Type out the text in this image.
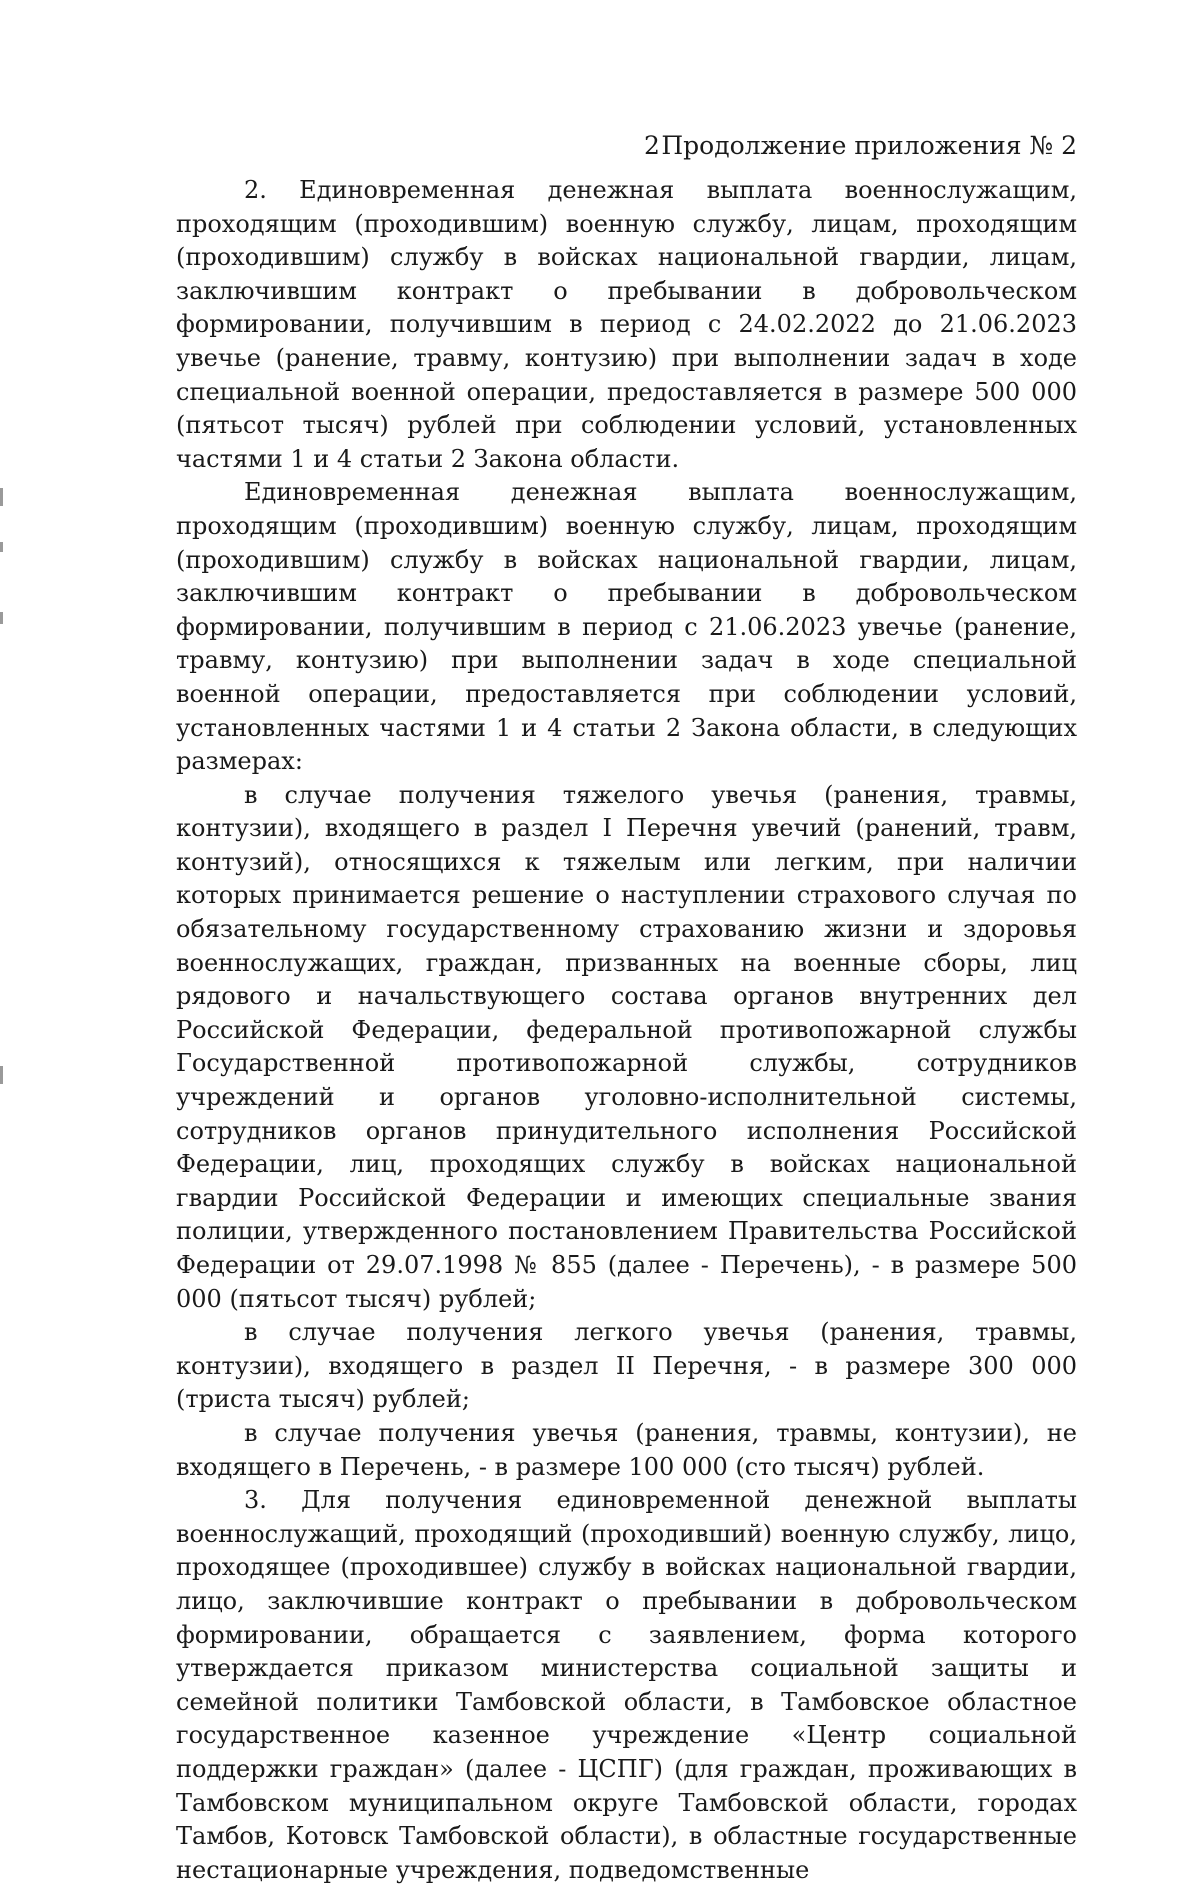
2 Продолжение приложения № 2

2. Единовременная денежная выплата военнослужащим, проходящим (проходившим) военную службу, лицам, проходящим (проходившим) службу в войсках национальной гвардии, лицам, заключившим контракт о пребывании в добровольческом формировании, получившим в период с 24.02.2022 до 21.06.2023 увечье (ранение, травму, контузию) при выполнении задач в ходе специальной военной операции, предоставляется в размере 500 000 (пятьсот тысяч) рублей при соблюдении условий, установленных частями 1 и 4 статьи 2 Закона области.

Единовременная денежная выплата военнослужащим, проходящим (проходившим) военную службу, лицам, проходящим (проходившим) службу в войсках национальной гвардии, лицам, заключившим контракт о пребывании в добровольческом формировании, получившим в период с 21.06.2023 увечье (ранение, травму, контузию) при выполнении задач в ходе специальной военной операции, предоставляется при соблюдении условий, установленных частями 1 и 4 статьи 2 Закона области, в следующих размерах:

в случае получения тяжелого увечья (ранения, травмы, контузии), входящего в раздел I Перечня увечий (ранений, травм, контузий), относящихся к тяжелым или легким, при наличии которых принимается решение о наступлении страхового случая по обязательному государственному страхованию жизни и здоровья военнослужащих, граждан, призванных на военные сборы, лиц рядового и начальствующего состава органов внутренних дел Российской Федерации, федеральной противопожарной службы Государственной противопожарной службы, сотрудников учреждений и органов уголовно-исполнительной системы, сотрудников органов принудительного исполнения Российской Федерации, лиц, проходящих службу в войсках национальной гвардии Российской Федерации и имеющих специальные звания полиции, утвержденного постановлением Правительства Российской Федерации от 29.07.1998 № 855 (далее - Перечень), - в размере 500 000 (пятьсот тысяч) рублей;

в случае получения легкого увечья (ранения, травмы, контузии), входящего в раздел II Перечня, - в размере 300 000 (триста тысяч) рублей;

в случае получения увечья (ранения, травмы, контузии), не входящего в Перечень, - в размере 100 000 (сто тысяч) рублей.

3. Для получения единовременной денежной выплаты военнослужащий, проходящий (проходивший) военную службу, лицо, проходящее (проходившее) службу в войсках национальной гвардии, лицо, заключившие контракт о пребывании в добровольческом формировании, обращается с заявлением, форма которого утверждается приказом министерства социальной защиты и семейной политики Тамбовской области, в Тамбовское областное государственное казенное учреждение «Центр социальной поддержки граждан» (далее - ЦСПГ) (для граждан, проживающих в Тамбовском муниципальном округе Тамбовской области, городах Тамбов, Котовск Тамбовской области), в областные государственные нестационарные учреждения, подведомственные
